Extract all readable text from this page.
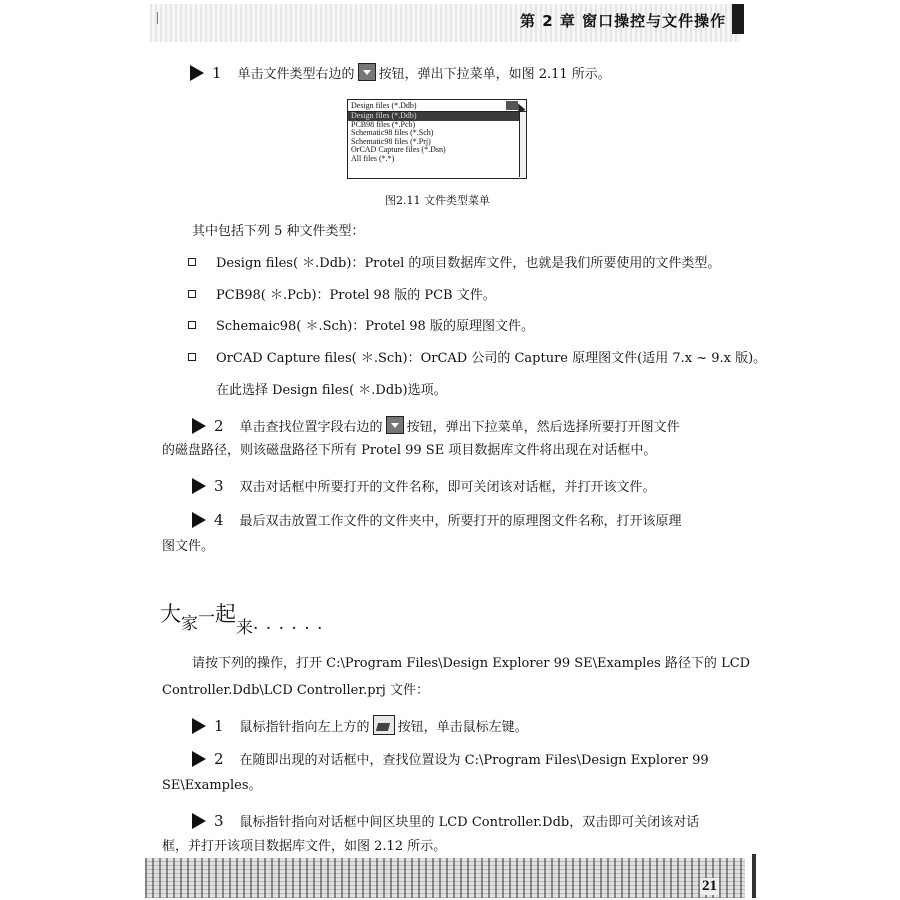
第 2 章 窗口操控与文件操作
1 单击文件类型右边的 按钮，弹出下拉菜单，如图 2.11 所示。
Design files (*.Ddb)
Design files (*.Ddb)
PCB98 files (*.Pcb)
Schematic98 files (*.Sch)
Schematic98 files (*.Prj)
OrCAD Capture files (*.Dsn)
All files (*.*)
图2.11 文件类型菜单
其中包括下列 5 种文件类型：
Design files( ＊.Ddb)：Protel 的项目数据库文件，也就是我们所要使用的文件类型。
PCB98( ＊.Pcb)：Protel 98 版的 PCB 文件。
Schemaic98( ＊.Sch)：Protel 98 版的原理图文件。
OrCAD Capture files( ＊.Sch)：OrCAD 公司的 Capture 原理图文件(适用 7.x ~ 9.x 版)。
在此选择 Design files( ＊.Ddb)选项。
2 单击查找位置字段右边的 按钮，弹出下拉菜单，然后选择所要打开图文件
的磁盘路径，则该磁盘路径下所有 Protel 99 SE 项目数据库文件将出现在对话框中。
3 双击对话框中所要打开的文件名称，即可关闭该对话框，并打开该文件。
4 最后双击放置工作文件的文件夹中，所要打开的原理图文件名称，打开该原理
图文件。
大家一起来. . . . . .
请按下列的操作，打开 C:\Program Files\Design Explorer 99 SE\Examples 路径下的 LCD
Controller.Ddb\LCD Controller.prj 文件：
1 鼠标指针指向左上方的 按钮，单击鼠标左键。
2 在随即出现的对话框中，查找位置设为 C:\Program Files\Design Explorer 99
SE\Examples。
3 鼠标指针指向对话框中间区块里的 LCD Controller.Ddb，双击即可关闭该对话
框，并打开该项目数据库文件，如图 2.12 所示。
21
